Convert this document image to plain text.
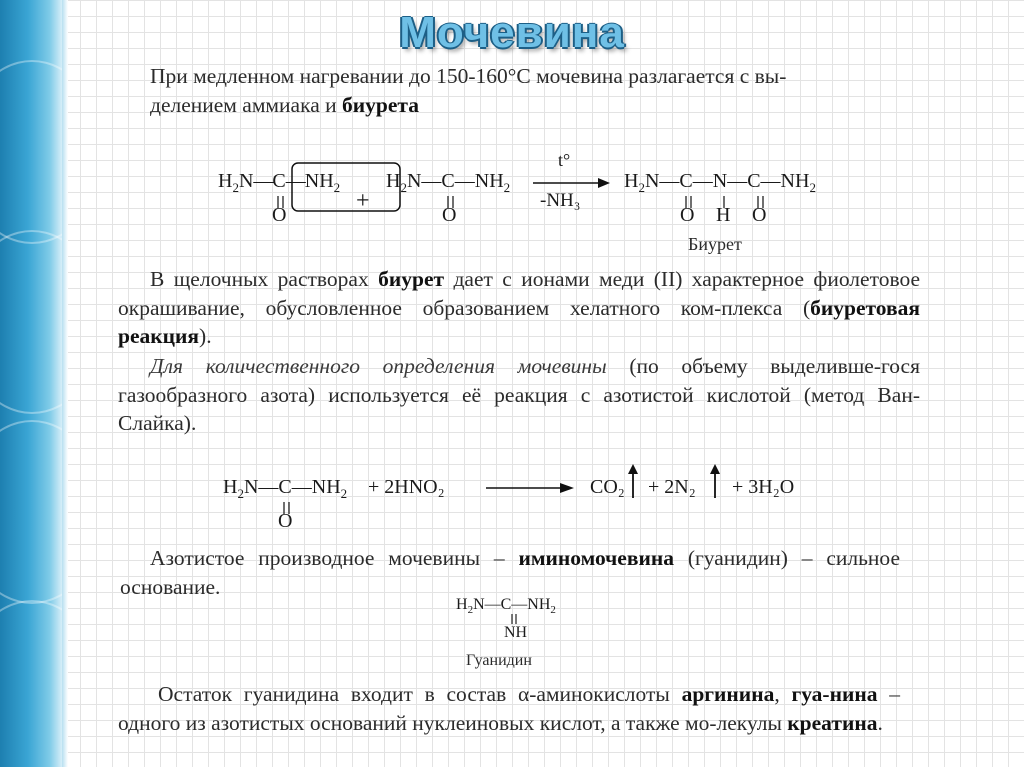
Мочевина
При медленном нагревании до 150-160°С мочевина разлагается с вы-
делением аммиака и биурета
$H_2N—C—NH_2$
O
+
$H_2N—C—NH_2$
O
t°
-NH₃
$H_2N—C—N—C—NH_2$
O H O
Биурет
В щелочных растворах биурет дает с ионами меди (II) характерное фиолетовое окрашивание, обусловленное образованием хелатного ком-плекса (биуретовая реакция).
Для количественного определения мочевины (по объему выделивше-гося газообразного азота) используется её реакция с азотистой кислотой (метод Ван-Слайка).
$H_2N—C—NH_2$
O
+ 2HNO₂	CO₂ + 2N₂ + 3H₂O
Азотистое производное мочевины – иминомочевина (гуанидин) – сильное основание.
$H_2N—C—NH_2$
NH
Гуанидин
Остаток гуанидина входит в состав α-аминокислоты аргинина, гуа-нина – одного из азотистых оснований нуклеиновых кислот, а также мо-лекулы креатина.
